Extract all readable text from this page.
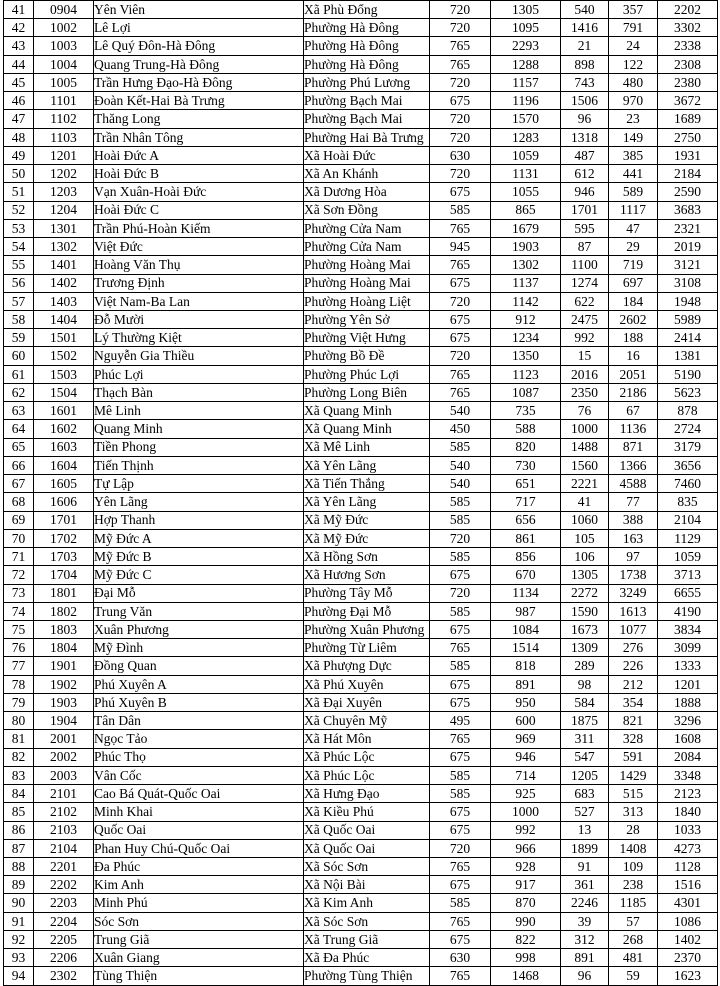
41	0904	Yên Viên	Xã Phù Đổng	720	1305	540	357	2202
42	1002	Lê Lợi	Phường Hà Đông	720	1095	1416	791	3302
43	1003	Lê Quý Đôn-Hà Đông	Phường Hà Đông	765	2293	21	24	2338
44	1004	Quang Trung-Hà Đông	Phường Hà Đông	765	1288	898	122	2308
45	1005	Trần Hưng Đạo-Hà Đông	Phường Phú Lương	720	1157	743	480	2380
46	1101	Đoàn Kết-Hai Bà Trưng	Phường Bạch Mai	675	1196	1506	970	3672
47	1102	Thăng Long	Phường Bạch Mai	720	1570	96	23	1689
48	1103	Trần Nhân Tông	Phường Hai Bà Trưng	720	1283	1318	149	2750
49	1201	Hoài Đức A	Xã Hoài Đức	630	1059	487	385	1931
50	1202	Hoài Đức B	Xã An Khánh	720	1131	612	441	2184
51	1203	Vạn Xuân-Hoài Đức	Xã Dương Hòa	675	1055	946	589	2590
52	1204	Hoài Đức C	Xã Sơn Đồng	585	865	1701	1117	3683
53	1301	Trần Phú-Hoàn Kiếm	Phường Cửa Nam	765	1679	595	47	2321
54	1302	Việt Đức	Phường Cửa Nam	945	1903	87	29	2019
55	1401	Hoàng Văn Thụ	Phường Hoàng Mai	765	1302	1100	719	3121
56	1402	Trương Định	Phường Hoàng Mai	675	1137	1274	697	3108
57	1403	Việt Nam-Ba Lan	Phường Hoàng Liệt	720	1142	622	184	1948
58	1404	Đỗ Mười	Phường Yên Sở	675	912	2475	2602	5989
59	1501	Lý Thường Kiệt	Phường Việt Hưng	675	1234	992	188	2414
60	1502	Nguyễn Gia Thiều	Phường Bồ Đề	720	1350	15	16	1381
61	1503	Phúc Lợi	Phường Phúc Lợi	765	1123	2016	2051	5190
62	1504	Thạch Bàn	Phường Long Biên	765	1087	2350	2186	5623
63	1601	Mê Linh	Xã Quang Minh	540	735	76	67	878
64	1602	Quang Minh	Xã Quang Minh	450	588	1000	1136	2724
65	1603	Tiền Phong	Xã Mê Linh	585	820	1488	871	3179
66	1604	Tiến Thịnh	Xã Yên Lãng	540	730	1560	1366	3656
67	1605	Tự Lập	Xã Tiến Thắng	540	651	2221	4588	7460
68	1606	Yên Lãng	Xã Yên Lãng	585	717	41	77	835
69	1701	Hợp Thanh	Xã Mỹ Đức	585	656	1060	388	2104
70	1702	Mỹ Đức A	Xã Mỹ Đức	720	861	105	163	1129
71	1703	Mỹ Đức B	Xã Hồng Sơn	585	856	106	97	1059
72	1704	Mỹ Đức C	Xã Hương Sơn	675	670	1305	1738	3713
73	1801	Đại Mỗ	Phường Tây Mỗ	720	1134	2272	3249	6655
74	1802	Trung Văn	Phường Đại Mỗ	585	987	1590	1613	4190
75	1803	Xuân Phương	Phường Xuân Phương	675	1084	1673	1077	3834
76	1804	Mỹ Đình	Phường Từ Liêm	765	1514	1309	276	3099
77	1901	Đồng Quan	Xã Phượng Dực	585	818	289	226	1333
78	1902	Phú Xuyên A	Xã Phú Xuyên	675	891	98	212	1201
79	1903	Phú Xuyên B	Xã Đại Xuyên	675	950	584	354	1888
80	1904	Tân Dân	Xã Chuyên Mỹ	495	600	1875	821	3296
81	2001	Ngọc Tảo	Xã Hát Môn	765	969	311	328	1608
82	2002	Phúc Thọ	Xã Phúc Lộc	675	946	547	591	2084
83	2003	Vân Cốc	Xã Phúc Lộc	585	714	1205	1429	3348
84	2101	Cao Bá Quát-Quốc Oai	Xã Hưng Đạo	585	925	683	515	2123
85	2102	Minh Khai	Xã Kiều Phú	675	1000	527	313	1840
86	2103	Quốc Oai	Xã Quốc Oai	675	992	13	28	1033
87	2104	Phan Huy Chú-Quốc Oai	Xã Quốc Oai	720	966	1899	1408	4273
88	2201	Đa Phúc	Xã Sóc Sơn	765	928	91	109	1128
89	2202	Kim Anh	Xã Nội Bài	675	917	361	238	1516
90	2203	Minh Phú	Xã Kim Anh	585	870	2246	1185	4301
91	2204	Sóc Sơn	Xã Sóc Sơn	765	990	39	57	1086
92	2205	Trung Giã	Xã Trung Giã	675	822	312	268	1402
93	2206	Xuân Giang	Xã Đa Phúc	630	998	891	481	2370
94	2302	Tùng Thiện	Phường Tùng Thiện	765	1468	96	59	1623
